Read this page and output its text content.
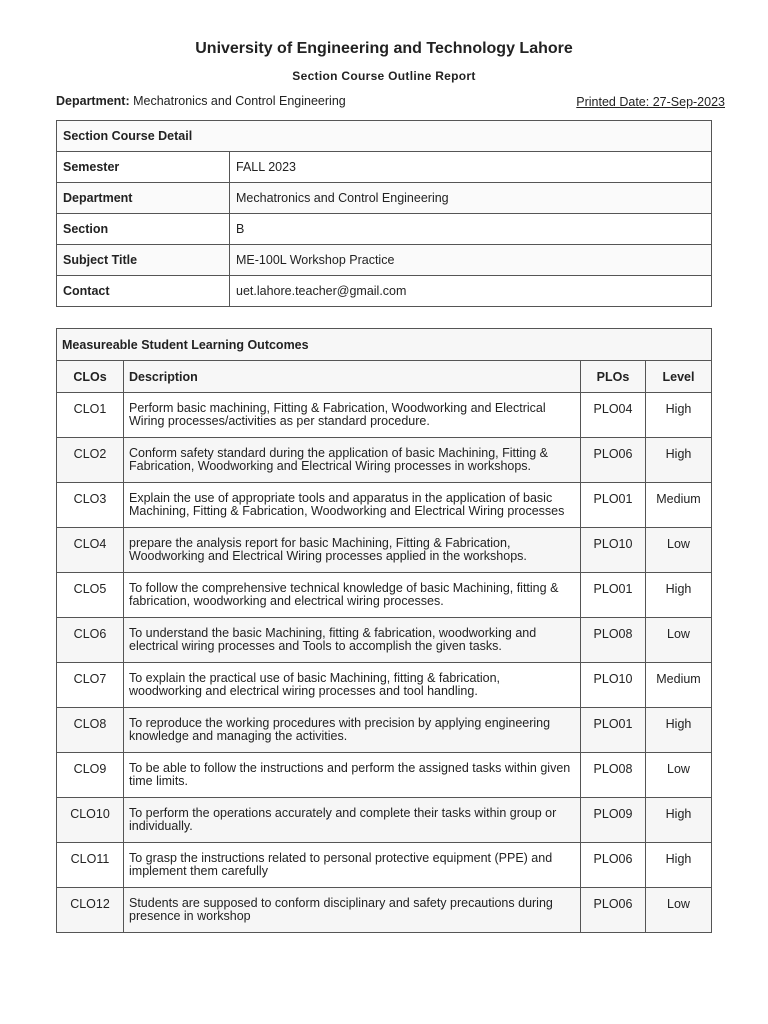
University of Engineering and Technology Lahore
Section Course Outline Report
Department: Mechatronics and Control Engineering	Printed Date: 27-Sep-2023
Section Course Detail	
Semester	FALL 2023
Department	Mechatronics and Control Engineering
Section	B
Subject Title	ME-100L Workshop Practice
Contact	uet.lahore.teacher@gmail.com
Measureable Student Learning Outcomes			
CLOs	Description	PLOs	Level
CLO1	Perform basic machining, Fitting & Fabrication, Woodworking and Electrical Wiring processes/activities as per standard procedure.	PLO04	High
CLO2	Conform safety standard during the application of basic Machining, Fitting & Fabrication, Woodworking and Electrical Wiring processes in workshops.	PLO06	High
CLO3	Explain the use of appropriate tools and apparatus in the application of basic Machining, Fitting & Fabrication, Woodworking and Electrical Wiring processes	PLO01	Medium
CLO4	prepare the analysis report for basic Machining, Fitting & Fabrication, Woodworking and Electrical Wiring processes applied in the workshops.	PLO10	Low
CLO5	To follow the comprehensive technical knowledge of basic Machining, fitting & fabrication, woodworking and electrical wiring processes.	PLO01	High
CLO6	To understand the basic Machining, fitting & fabrication, woodworking and electrical wiring processes and Tools to accomplish the given tasks.	PLO08	Low
CLO7	To explain the practical use of basic Machining, fitting & fabrication, woodworking and electrical wiring processes and tool handling.	PLO10	Medium
CLO8	To reproduce the working procedures with precision by applying engineering knowledge and managing the activities.	PLO01	High
CLO9	To be able to follow the instructions and perform the assigned tasks within given time limits.	PLO08	Low
CLO10	To perform the operations accurately and complete their tasks within group or individually.	PLO09	High
CLO11	To grasp the instructions related to personal protective equipment (PPE) and implement them carefully	PLO06	High
CLO12	Students are supposed to conform disciplinary and safety precautions during presence in workshop	PLO06	Low
